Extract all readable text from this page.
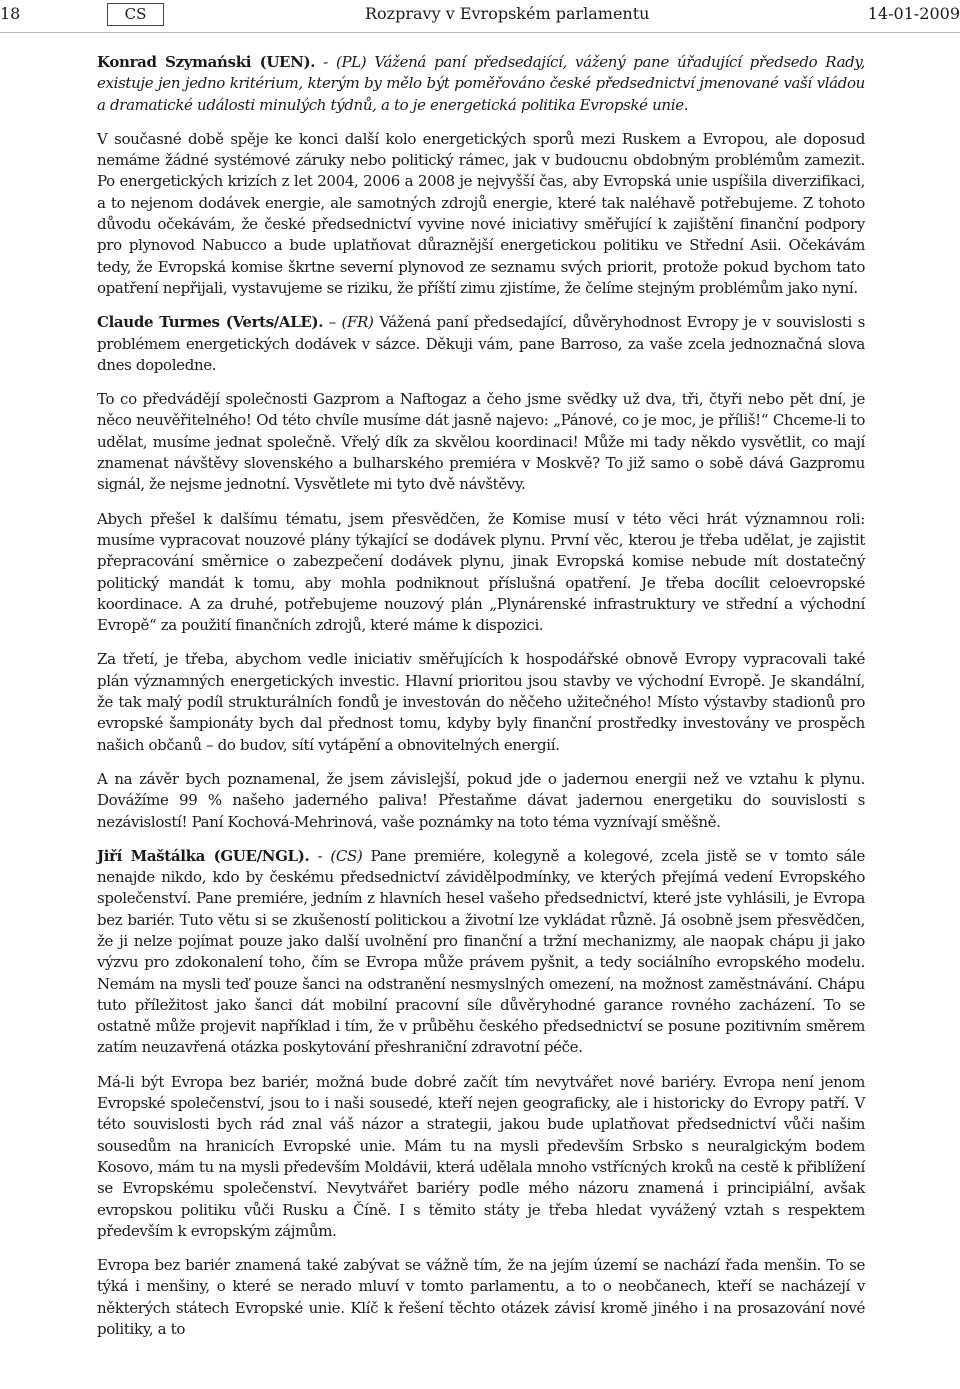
18	CS	Rozpravy v Evropském parlamentu	14-01-2009

Konrad Szymański (UEN). - (PL) Vážená paní předsedající, vážený pane úřadující předsedo Rady, existuje jen jedno kritérium, kterým by mělo být poměřováno české předsednictví jmenované vaší vládou a dramatické události minulých týdnů, a to je energetická politika Evropské unie.

V současné době spěje ke konci další kolo energetických sporů mezi Ruskem a Evropou, ale doposud nemáme žádné systémové záruky nebo politický rámec, jak v budoucnu obdobným problémům zamezit. Po energetických krizích z let 2004, 2006 a 2008 je nejvyšší čas, aby Evropská unie uspíšila diverzifikaci, a to nejenom dodávek energie, ale samotných zdrojů energie, které tak naléhavě potřebujeme. Z tohoto důvodu očekávám, že české předsednictví vyvine nové iniciativy směřující k zajištění finanční podpory pro plynovod Nabucco a bude uplatňovat důraznější energetickou politiku ve Střední Asii. Očekávám tedy, že Evropská komise škrtne severní plynovod ze seznamu svých priorit, protože pokud bychom tato opatření nepřijali, vystavujeme se riziku, že příští zimu zjistíme, že čelíme stejným problémům jako nyní.

Claude Turmes (Verts/ALE). – (FR) Vážená paní předsedající, důvěryhodnost Evropy je v souvislosti s problémem energetických dodávek v sázce. Děkuji vám, pane Barroso, za vaše zcela jednoznačná slova dnes dopoledne.

To co předvádějí společnosti Gazprom a Naftogaz a čeho jsme svědky už dva, tři, čtyři nebo pět dní, je něco neuvěřitelného! Od této chvíle musíme dát jasně najevo: „Pánové, co je moc, je příliš!“ Chceme-li to udělat, musíme jednat společně. Vřelý dík za skvělou koordinaci! Může mi tady někdo vysvětlit, co mají znamenat návštěvy slovenského a bulharského premiéra v Moskvě? To již samo o sobě dává Gazpromu signál, že nejsme jednotní. Vysvětlete mi tyto dvě návštěvy.

Abych přešel k dalšímu tématu, jsem přesvědčen, že Komise musí v této věci hrát významnou roli: musíme vypracovat nouzové plány týkající se dodávek plynu. První věc, kterou je třeba udělat, je zajistit přepracování směrnice o zabezpečení dodávek plynu, jinak Evropská komise nebude mít dostatečný politický mandát k tomu, aby mohla podniknout příslušná opatření. Je třeba docílit celoevropské koordinace. A za druhé, potřebujeme nouzový plán „Plynárenské infrastruktury ve střední a východní Evropě“ za použití finančních zdrojů, které máme k dispozici.

Za třetí, je třeba, abychom vedle iniciativ směřujících k hospodářské obnově Evropy vypracovali také plán významných energetických investic. Hlavní prioritou jsou stavby ve východní Evropě. Je skandální, že tak malý podíl strukturálních fondů je investován do něčeho užitečného! Místo výstavby stadionů pro evropské šampionáty bych dal přednost tomu, kdyby byly finanční prostředky investovány ve prospěch našich občanů – do budov, sítí vytápění a obnovitelných energií.

A na závěr bych poznamenal, že jsem závislejší, pokud jde o jadernou energii než ve vztahu k plynu. Dovážíme 99 % našeho jaderného paliva! Přestaňme dávat jadernou energetiku do souvislosti s nezávislostí! Paní Kochová-Mehrinová, vaše poznámky na toto téma vyznívají směšně.

Jiří Maštálka (GUE/NGL). - (CS) Pane premiére, kolegyně a kolegové, zcela jistě se v tomto sále nenajde nikdo, kdo by českému předsednictví závidělpodmínky, ve kterých přejímá vedení Evropského společenství. Pane premiére, jedním z hlavních hesel vašeho předsednictví, které jste vyhlásili, je Evropa bez bariér. Tuto větu si se zkušeností politickou a životní lze vykládat různě. Já osobně jsem přesvědčen, že ji nelze pojímat pouze jako další uvolnění pro finanční a tržní mechanizmy, ale naopak chápu ji jako výzvu pro zdokonalení toho, čím se Evropa může právem pyšnit, a tedy sociálního evropského modelu. Nemám na mysli teď pouze šanci na odstranění nesmyslných omezení, na možnost zaměstnávání. Chápu tuto příležitost jako šanci dát mobilní pracovní síle důvěryhodné garance rovného zacházení. To se ostatně může projevit například i tím, že v průběhu českého předsednictví se posune pozitivním směrem zatím neuzavřená otázka poskytování přeshraniční zdravotní péče.

Má-li být Evropa bez bariér, možná bude dobré začít tím nevytvářet nové bariéry. Evropa není jenom Evropské společenství, jsou to i naši sousedé, kteří nejen geograficky, ale i historicky do Evropy patří. V této souvislosti bych rád znal váš názor a strategii, jakou bude uplatňovat předsednictví vůči našim sousedům na hranicích Evropské unie. Mám tu na mysli především Srbsko s neuralgickým bodem Kosovo, mám tu na mysli především Moldávii, která udělala mnoho vstřícných kroků na cestě k přiblížení se Evropskému společenství. Nevytvářet bariéry podle mého názoru znamená i principiální, avšak evropskou politiku vůči Rusku a Číně. I s těmito státy je třeba hledat vyvážený vztah s respektem především k evropským zájmům.

Evropa bez bariér znamená také zabývat se vážně tím, že na jejím území se nachází řada menšin. To se týká i menšiny, o které se nerado mluví v tomto parlamentu, a to o neobčanech, kteří se nacházejí v některých státech Evropské unie. Klíč k řešení těchto otázek závisí kromě jiného i na prosazování nové politiky, a to
